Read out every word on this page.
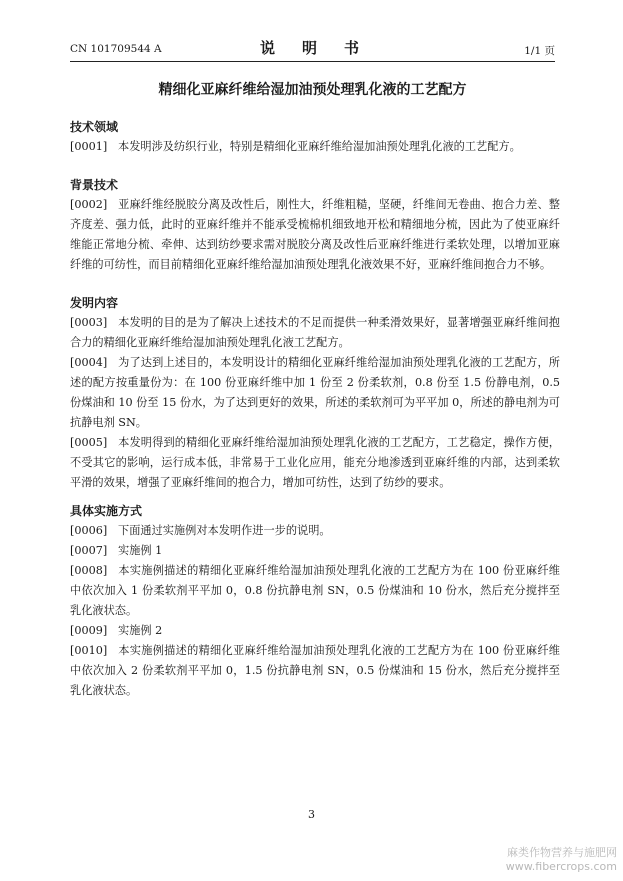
CN 101709544 A	说　明　书	1/1 页
精细化亚麻纤维给湿加油预处理乳化液的工艺配方
技术领域

[0001] 本发明涉及纺织行业，特别是精细化亚麻纤维给湿加油预处理乳化液的工艺配方。

背景技术

[0002] 亚麻纤维经脱胶分离及改性后，刚性大，纤维粗糙，坚硬，纤维间无卷曲、抱合力差、整齐度差、强力低，此时的亚麻纤维并不能承受梳棉机细致地开松和精细地分梳，因此为了使亚麻纤维能正常地分梳、牵伸、达到纺纱要求需对脱胶分离及改性后亚麻纤维进行柔软处理，以增加亚麻纤维的可纺性，而目前精细化亚麻纤维给湿加油预处理乳化液效果不好，亚麻纤维间抱合力不够。

发明内容

[0003] 本发明的目的是为了解决上述技术的不足而提供一种柔滑效果好，显著增强亚麻纤维间抱合力的精细化亚麻纤维给湿加油预处理乳化液工艺配方。

[0004] 为了达到上述目的，本发明设计的精细化亚麻纤维给湿加油预处理乳化液的工艺配方，所述的配方按重量份为：在 100 份亚麻纤维中加 1 份至 2 份柔软剂，0.8 份至 1.5 份静电剂，0.5 份煤油和 10 份至 15 份水，为了达到更好的效果，所述的柔软剂可为平平加 0，所述的静电剂为可抗静电剂 SN。

[0005] 本发明得到的精细化亚麻纤维给湿加油预处理乳化液的工艺配方，工艺稳定，操作方便，不受其它的影响，运行成本低，非常易于工业化应用，能充分地渗透到亚麻纤维的内部，达到柔软平滑的效果，增强了亚麻纤维间的抱合力，增加可纺性，达到了纺纱的要求。

具体实施方式

[0006] 下面通过实施例对本发明作进一步的说明。

[0007] 实施例 1

[0008] 本实施例描述的精细化亚麻纤维给湿加油预处理乳化液的工艺配方为在 100 份亚麻纤维中依次加入 1 份柔软剂平平加 0，0.8 份抗静电剂 SN，0.5 份煤油和 10 份水，然后充分搅拌至乳化液状态。

[0009] 实施例 2

[0010] 本实施例描述的精细化亚麻纤维给湿加油预处理乳化液的工艺配方为在 100 份亚麻纤维中依次加入 2 份柔软剂平平加 0，1.5 份抗静电剂 SN，0.5 份煤油和 15 份水，然后充分搅拌至乳化液状态。

3
麻类作物营养与施肥网
www.fibercrops.com
